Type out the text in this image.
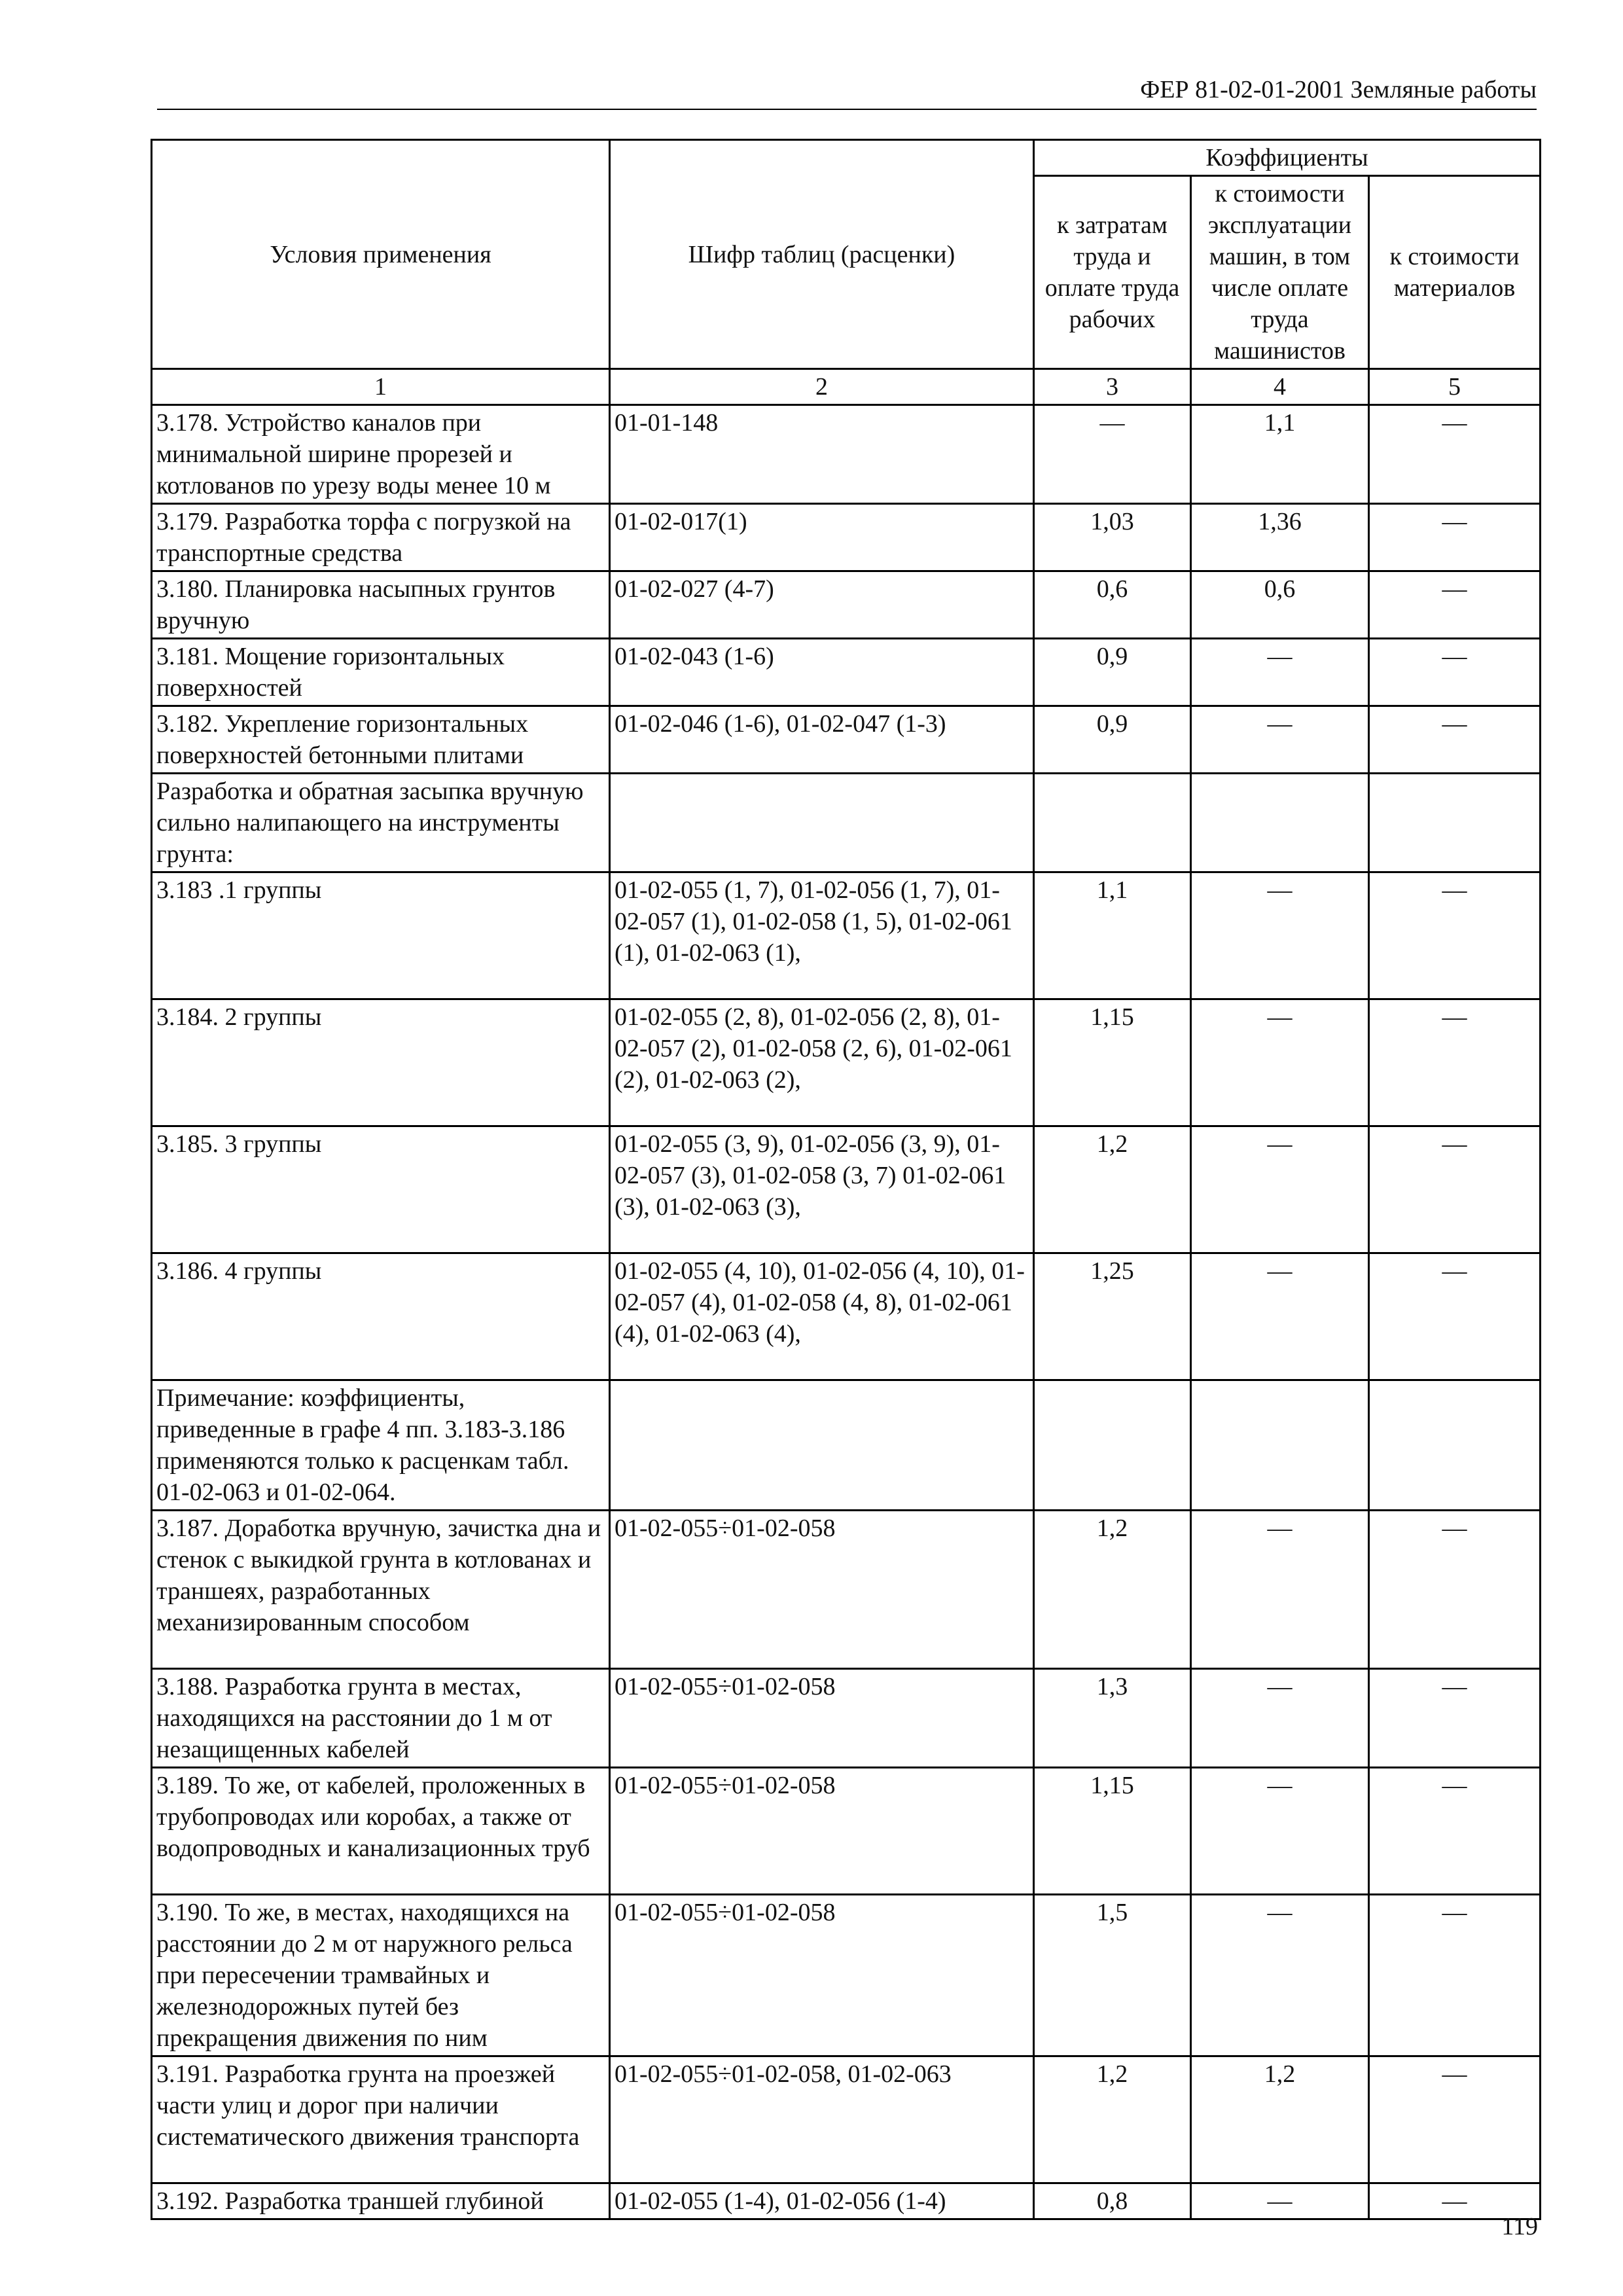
ФЕР 81-02-01-2001 Земляные работы
Условия применения	Шифр таблиц (расценки)	Коэффициенты		
		к затратам труда и оплате труда рабочих	к стоимости эксплуатации машин, в том числе оплате труда машинистов	к стоимости материалов
1	2	3	4	5
3.178. Устройство каналов при минимальной ширине прорезей и котлованов по урезу воды менее 10 м	01-01-148	—	1,1	—
3.179. Разработка торфа с погрузкой на транспортные средства	01-02-017(1)	1,03	1,36	—
3.180. Планировка насыпных грунтов вручную	01-02-027 (4-7)	0,6	0,6	—
3.181. Мощение горизонтальных поверхностей	01-02-043 (1-6)	0,9	—	—
3.182. Укрепление горизонтальных поверхностей бетонными плитами	01-02-046 (1-6), 01-02-047 (1-3)	0,9	—	—
Разработка и обратная засыпка вручную сильно налипающего на инструменты грунта:				
3.183 .1 группы	01-02-055 (1, 7), 01-02-056 (1, 7), 01-02-057 (1), 01-02-058 (1, 5), 01-02-061 (1), 01-02-063 (1),	1,1	—	—
3.184. 2 группы	01-02-055 (2, 8), 01-02-056 (2, 8), 01-02-057 (2), 01-02-058 (2, 6), 01-02-061 (2), 01-02-063 (2),	1,15	—	—
3.185. 3 группы	01-02-055 (3, 9), 01-02-056 (3, 9), 01-02-057 (3), 01-02-058 (3, 7) 01-02-061 (3), 01-02-063 (3),	1,2	—	—
3.186. 4 группы	01-02-055 (4, 10), 01-02-056 (4, 10), 01-02-057 (4), 01-02-058 (4, 8), 01-02-061 (4), 01-02-063 (4),	1,25	—	—
Примечание: коэффициенты, приведенные в графе 4 пп. 3.183-3.186 применяются только к расценкам табл. 01-02-063 и 01-02-064.				
3.187. Доработка вручную, зачистка дна и стенок с выкидкой грунта в котлованах и траншеях, разработанных механизированным способом	01-02-055÷01-02-058	1,2	—	—
3.188. Разработка грунта в местах, находящихся на расстоянии до 1 м от незащищенных кабелей	01-02-055÷01-02-058	1,3	—	—
3.189. То же, от кабелей, проложенных в трубопроводах или коробах, а также от водопроводных и канализационных труб	01-02-055÷01-02-058	1,15	—	—
3.190. То же, в местах, находящихся на расстоянии до 2 м от наружного рельса при пересечении трамвайных и железнодорожных путей без прекращения движения по ним	01-02-055÷01-02-058	1,5	—	—
3.191. Разработка грунта на проезжей части улиц и дорог при наличии систематического движения транспорта	01-02-055÷01-02-058, 01-02-063	1,2	1,2	—
3.192. Разработка траншей глубиной	01-02-055 (1-4), 01-02-056 (1-4)	0,8	—	—
119
